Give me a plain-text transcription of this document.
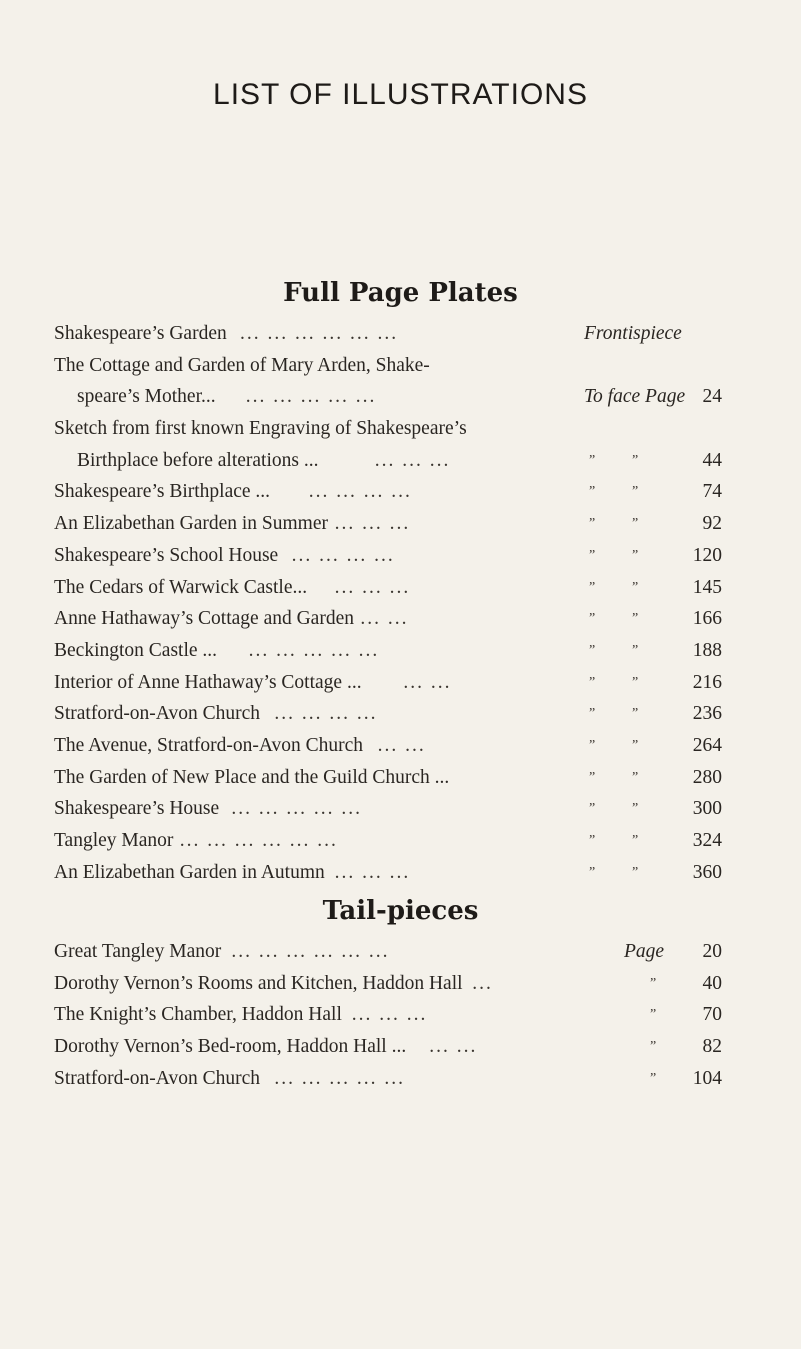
LIST OF ILLUSTRATIONS
Full Page Plates
Shakespeare’s Garden ... ... ... ... ... ...	Frontispiece
The Cottage and Garden of Mary Arden, Shake-
speare’s Mother... ... ... ... ... ...	To face Page 24
Sketch from first known Engraving of Shakespeare’s
Birthplace before alterations ...	... ... ...	”	”	44
Shakespeare’s Birthplace ... ... ... ... ...	”	”	74
An Elizabethan Garden in Summer ... ... ...	”	”	92
Shakespeare’s School House ... ... ... ...	”	”	120
The Cedars of Warwick Castle... ... ... ...	”	”	145
Anne Hathaway’s Cottage and Garden ... ...	”	”	166
Beckington Castle ... ... ... ... ... ...	”	”	188
Interior of Anne Hathaway’s Cottage ... ... ...	”	”	216
Stratford-on-Avon Church ... ... ... ...	”	”	236
The Avenue, Stratford-on-Avon Church ... ...	”	”	264
The Garden of New Place and the Guild Church ...	”	”	280
Shakespeare’s House ... ... ... ... ...	”	”	300
Tangley Manor ... ... ... ... ... ...	”	”	324
An Elizabethan Garden in Autumn ... ... ...	”	”	360
Tail-pieces
Great Tangley Manor ... ... ... ... ... ...	Page 20
Dorothy Vernon’s Rooms and Kitchen, Haddon Hall ...	” 40
The Knight’s Chamber, Haddon Hall ... ... ...	” 70
Dorothy Vernon’s Bed-room, Haddon Hall ... ... ...	” 82
Stratford-on-Avon Church ... ... ... ... ...	” 104
